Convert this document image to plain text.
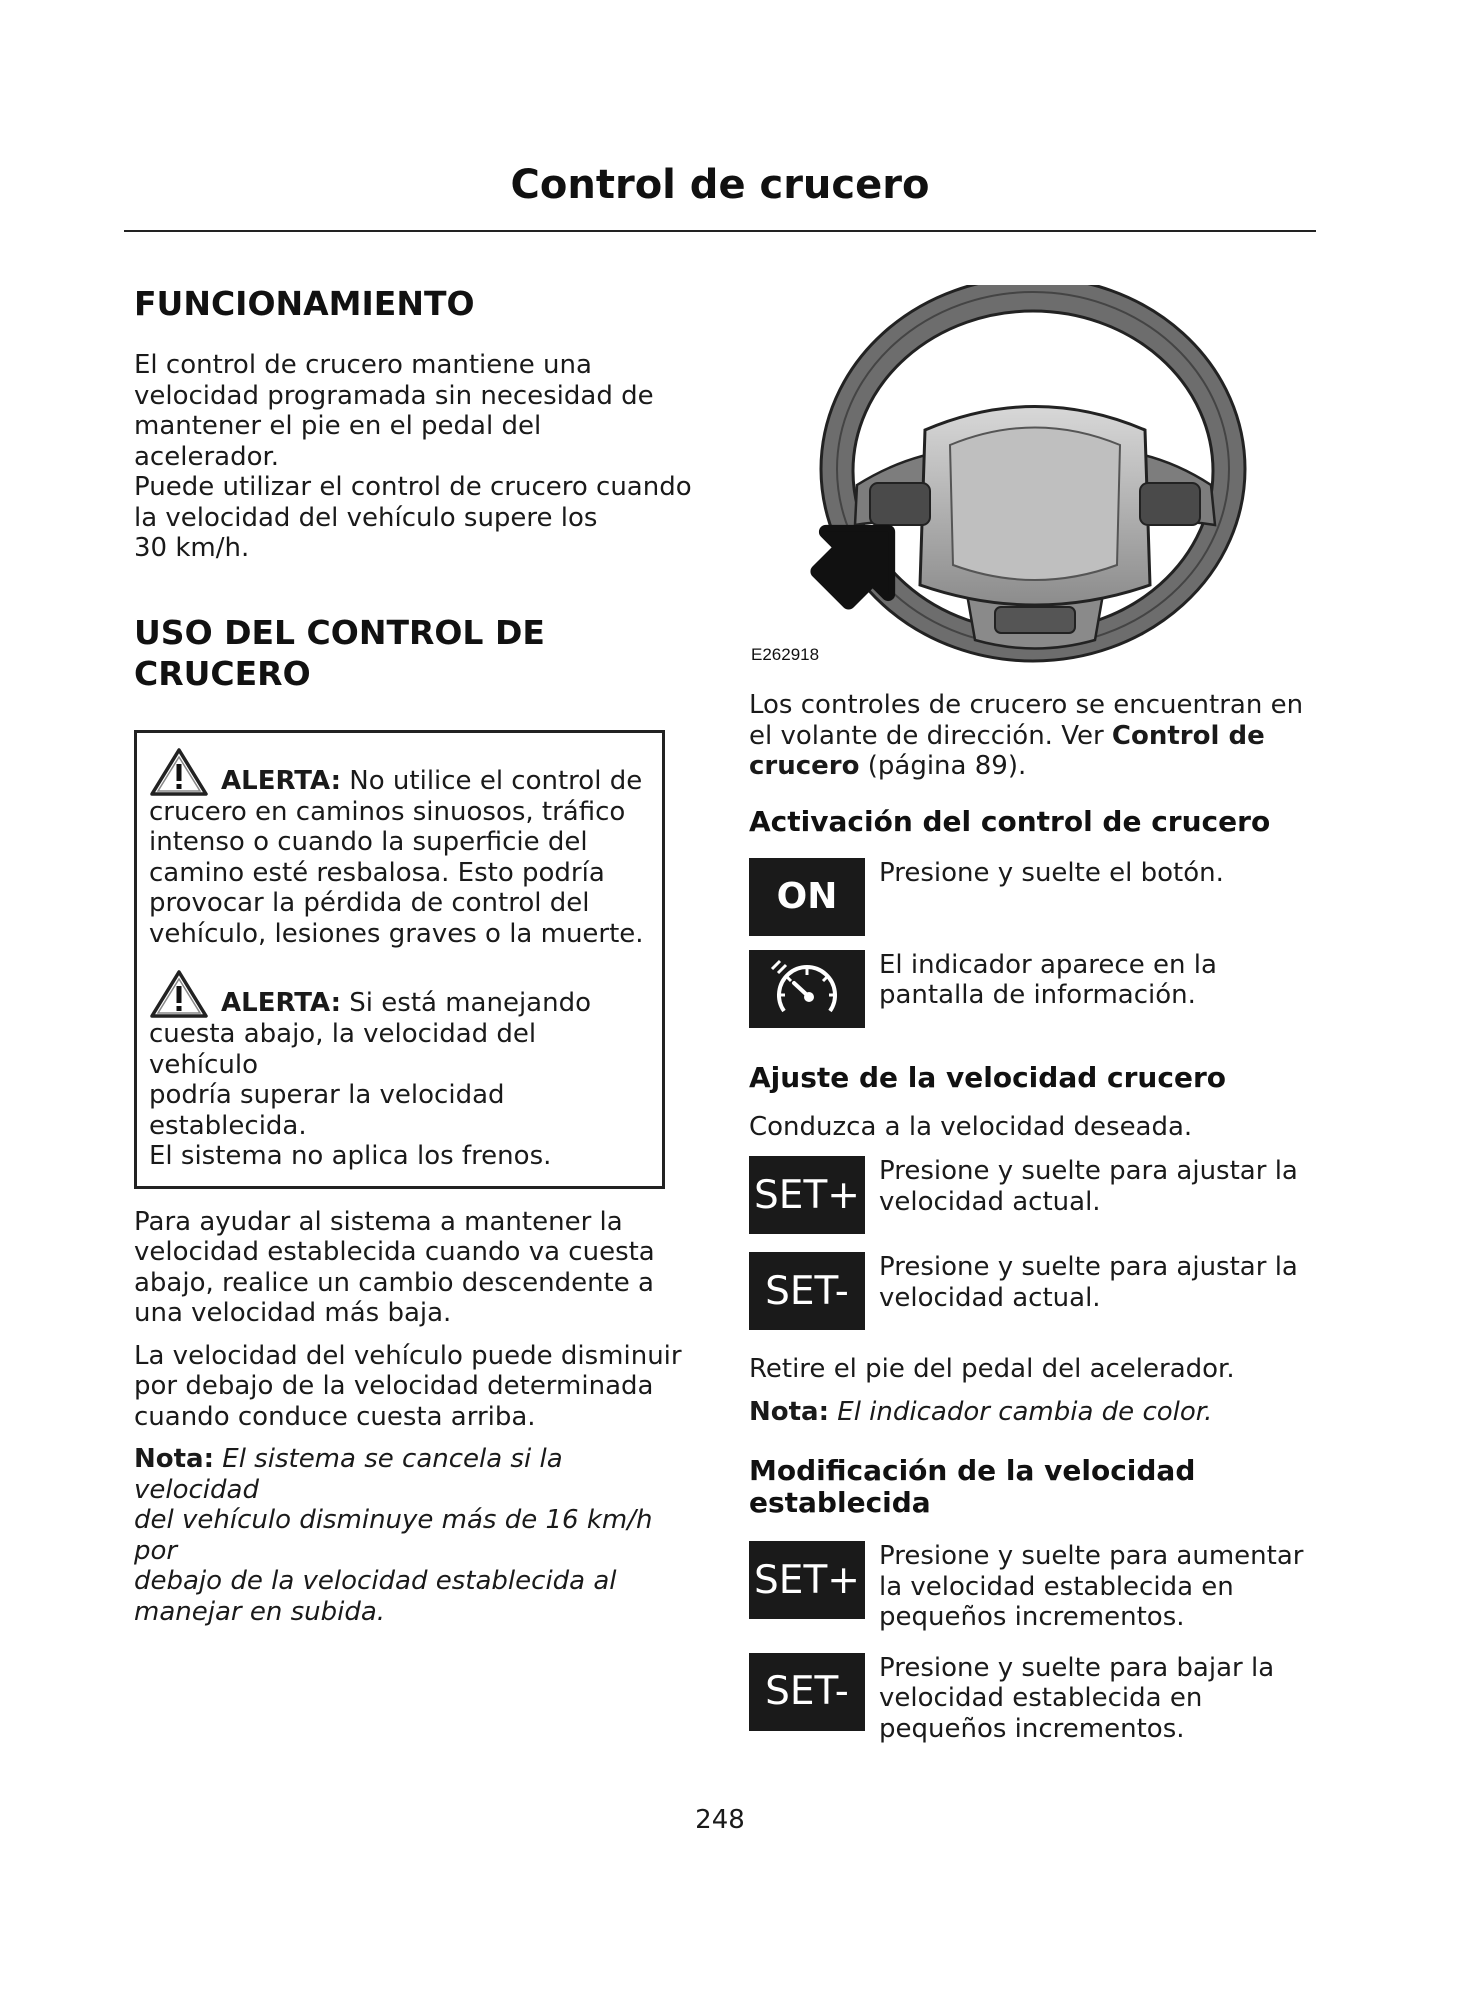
Control de crucero
FUNCIONAMIENTO

El control de crucero mantiene una
velocidad programada sin necesidad de
mantener el pie en el pedal del acelerador.
Puede utilizar el control de crucero cuando
la velocidad del vehículo supere los
30 km/h.

USO DEL CONTROL DE
CRUCERO
ALERTA: No utilice el control de
crucero en caminos sinuosos, tráfico
intenso o cuando la superficie del
camino esté resbalosa. Esto podría
provocar la pérdida de control del
vehículo, lesiones graves o la muerte.
ALERTA: Si está manejando
cuesta abajo, la velocidad del vehículo
podría superar la velocidad establecida.
El sistema no aplica los frenos.

Para ayudar al sistema a mantener la
velocidad establecida cuando va cuesta
abajo, realice un cambio descendente a
una velocidad más baja.

La velocidad del vehículo puede disminuir
por debajo de la velocidad determinada
cuando conduce cuesta arriba.

Nota: El sistema se cancela si la velocidad
del vehículo disminuye más de 16 km/h por
debajo de la velocidad establecida al
manejar en subida.

E262918

Los controles de crucero se encuentran en
el volante de dirección. Ver Control de
crucero (página 89).

Activación del control de crucero
ON

Presione y suelte el botón.

El indicador aparece en la
pantalla de información.

Ajuste de la velocidad crucero

Conduzca a la velocidad deseada.

SET+

Presione y suelte para ajustar la
velocidad actual.

SET-

Presione y suelte para ajustar la
velocidad actual.

Retire el pie del pedal del acelerador.

Nota: El indicador cambia de color.

Modificación de la velocidad
establecida
SET+

Presione y suelte para aumentar
la velocidad establecida en
pequeños incrementos.

SET-

Presione y suelte para bajar la
velocidad establecida en
pequeños incrementos.

248
